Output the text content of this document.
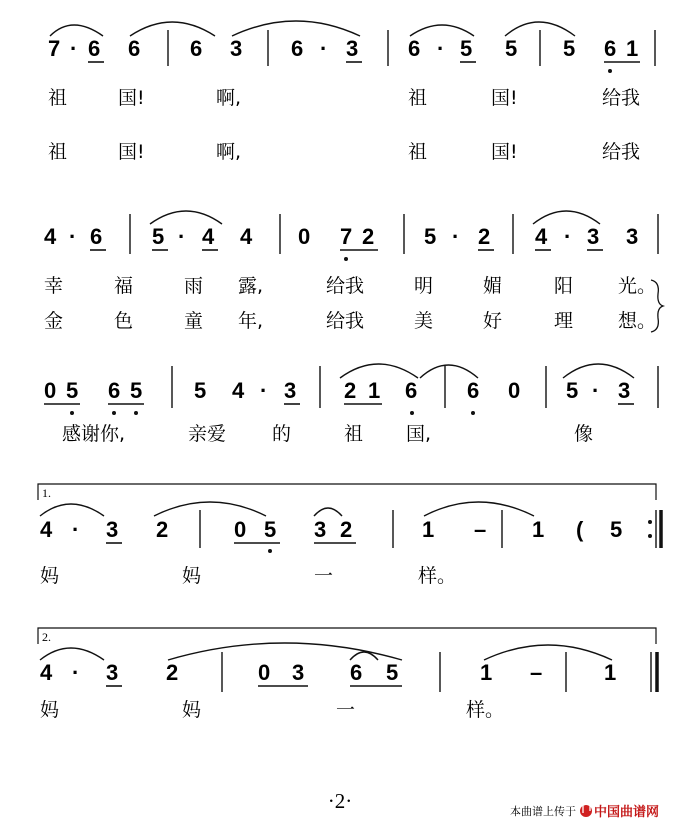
7 · 6 6 6 3 6 · 3 6 · 5 5 5 6 1
祖	国!	啊,	祖	国!	给我
祖	国!	啊,	祖	国!	给我
4 · 6 5 · 4 4 0 7 2 5 · 2 4 · 3 3
幸	福	雨 露,	给我	明	媚	阳 光。
金	色	童 年,	给我	美	好	理 想。
0 5 6 5 5 4 · 3 2 1 6 6 0 5 · 3
感谢你,	亲爱 的	祖 国,	像
1.
4 · 3 2	0 5 3 2	1 – 1 ( 5
妈	妈	一	样。
2.
4 · 3 2	0 3 6 5	1 –	1
妈	妈	一	样。
·2·	本曲谱上传于 中国曲谱网
